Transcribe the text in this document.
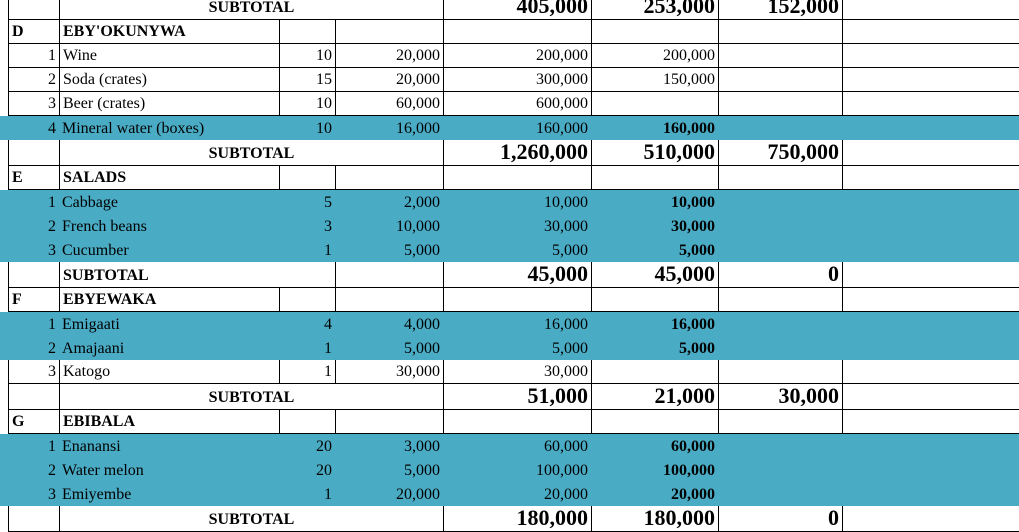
SUBTOTAL	405,000	253,000	152,000
D	EBY'OKUNYWA
1 Wine	10	20,000	200,000	200,000
2 Soda (crates)	15	20,000	300,000	150,000
3 Beer (crates)	10	60,000	600,000
4 Mineral water (boxes)	10	16,000	160,000	160,000
SUBTOTAL	1,260,000	510,000	750,000
E	SALADS
1 Cabbage	5	2,000	10,000	10,000
2 French beans	3	10,000	30,000	30,000
3 Cucumber	1	5,000	5,000	5,000
SUBTOTAL	45,000	45,000	0
F	EBYEWAKA
1 Emigaati	4	4,000	16,000	16,000
2 Amajaani	1	5,000	5,000	5,000
3 Katogo	1	30,000	30,000
SUBTOTAL	51,000	21,000	30,000
G	EBIBALA
1 Enanansi	20	3,000	60,000	60,000
2 Water melon	20	5,000	100,000	100,000
3 Emiyembe	1	20,000	20,000	20,000
SUBTOTAL	180,000	180,000	0
